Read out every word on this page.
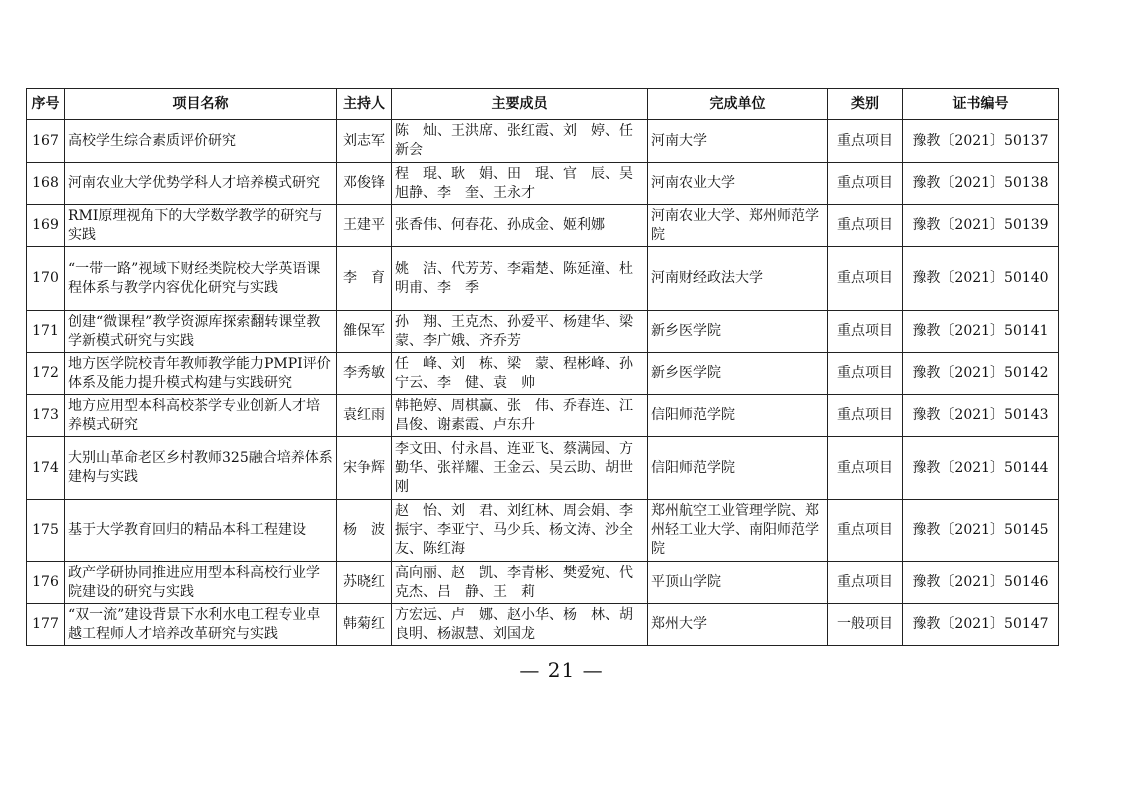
序号	项目名称	主持人	主要成员	完成单位	类别	证书编号
167	高校学生综合素质评价研究	刘志军	陈　灿、王洪席、张红霞、刘　婷、任新会	河南大学	重点项目	豫教〔2021〕50137
168	河南农业大学优势学科人才培养模式研究	邓俊锋	程　琨、耿　娟、田　琨、官　辰、吴旭静、李　奎、王永才	河南农业大学	重点项目	豫教〔2021〕50138
169	RMI原理视角下的大学数学教学的研究与实践	王建平	张香伟、何春花、孙成金、姬利娜	河南农业大学、郑州师范学院	重点项目	豫教〔2021〕50139
170	“一带一路”视域下财经类院校大学英语课程体系与教学内容优化研究与实践	李　育	姚　洁、代芳芳、李霜楚、陈延潼、杜明甫、李　季	河南财经政法大学	重点项目	豫教〔2021〕50140
171	创建“微课程”教学资源库探索翻转课堂教学新模式研究与实践	雒保军	孙　翔、王克杰、孙爱平、杨建华、梁　蒙、李广娥、齐乔芳	新乡医学院	重点项目	豫教〔2021〕50141
172	地方医学院校青年教师教学能力PMPI评价体系及能力提升模式构建与实践研究	李秀敏	任　峰、刘　栋、梁　蒙、程彬峰、孙宁云、李　健、袁　帅	新乡医学院	重点项目	豫教〔2021〕50142
173	地方应用型本科高校茶学专业创新人才培养模式研究	袁红雨	韩艳婷、周棋赢、张　伟、乔春连、江昌俊、谢素霞、卢东升	信阳师范学院	重点项目	豫教〔2021〕50143
174	大别山革命老区乡村教师325融合培养体系建构与实践	宋争辉	李文田、付永昌、连亚飞、蔡满园、方勤华、张祥耀、王金云、吴云助、胡世刚	信阳师范学院	重点项目	豫教〔2021〕50144
175	基于大学教育回归的精品本科工程建设	杨　波	赵　怡、刘　君、刘红林、周会娟、李振宇、李亚宁、马少兵、杨文涛、沙全友、陈红海	郑州航空工业管理学院、郑州轻工业大学、南阳师范学院	重点项目	豫教〔2021〕50145
176	政产学研协同推进应用型本科高校行业学院建设的研究与实践	苏晓红	高向丽、赵　凯、李青彬、樊爱宛、代克杰、吕　静、王　莉	平顶山学院	重点项目	豫教〔2021〕50146
177	“双一流”建设背景下水利水电工程专业卓越工程师人才培养改革研究与实践	韩菊红	方宏远、卢　娜、赵小华、杨　林、胡良明、杨淑慧、刘国龙	郑州大学	一般项目	豫教〔2021〕50147
— 21 —
